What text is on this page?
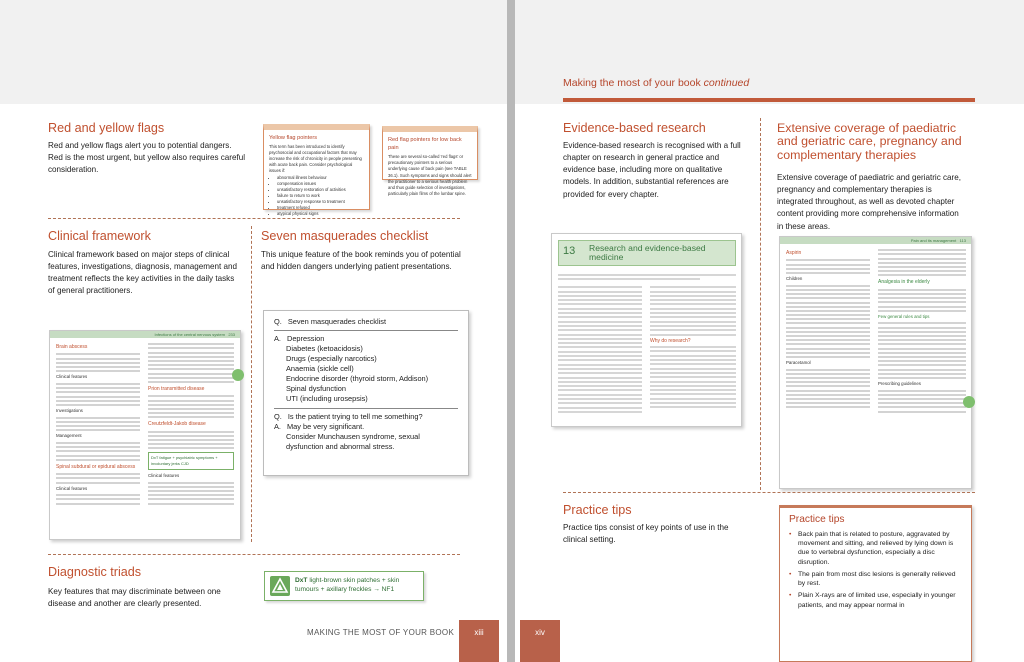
Red and yellow flags
Red and yellow flags alert you to potential dangers. Red is the most urgent, but yellow also requires careful consideration.
Yellow flag pointers
This term has been introduced to identify psychosocial and occupational factors that may increase the risk of chronicity in people presenting with acute back pain. Consider psychological issues if:
• abnormal illness behaviour
• compensation issues
• unsatisfactory restoration of activities
• failure to return to work
• unsatisfactory response to treatment
• treatment refused
• atypical physical signs
Red flag pointers for low back pain
These are several so-called 'red flags' or precautionary pointers to a serious underlying cause of back pain (see TABLE 36.1). Such symptoms and signs should alert the practitioner to a serious health problem and thus guide selection of investigations, particularly plain films of the lumbar spine.
Clinical framework
Clinical framework based on major steps of clinical features, investigations, diagnosis, management and treatment reflects the key activities in the daily tasks of general practitioners.
Infections of the central nervous system 233
Brain abscess
Clinical features
Investigations
Management
Spinal subdural or epidural abscess
Clinical features
Prion transmitted disease
Creutzfeldt-Jakob disease
DxT fatigue + psychiatric symptoms + involuntary jerks CJD
Clinical features
Seven masquerades checklist
This unique feature of the book reminds you of potential and hidden dangers underlying patient presentations.
Q. Seven masquerades checklist
A. Depression
Diabetes (ketoacidosis)
Drugs (especially narcotics)
Anaemia (sickle cell)
Endocrine disorder (thyroid storm, Addison)
Spinal dysfunction
UTI (including urosepsis)
Q. Is the patient trying to tell me something?
A. May be very significant.
Consider Munchausen syndrome, sexual dysfunction and abnormal stress.
Diagnostic triads
Key features that may discriminate between one disease and another are clearly presented.
DxT light-brown skin patches + skin tumours + axillary freckles → NF1
MAKING THE MOST OF YOUR BOOK	xiii
Making the most of your book continued
xiv
Evidence-based research
Evidence-based research is recognised with a full chapter on research in general practice and evidence base, including more on qualitative models. In addition, substantial references are provided for every chapter.
13 Research and evidence-based medicine
Why do research?
Extensive coverage of paediatric and geriatric care, pregnancy and complementary therapies
Extensive coverage of paediatric and geriatric care, pregnancy and complementary therapies is integrated throughout, as well as devoted chapter content providing more comprehensive information in these areas.
Pain and its management 113
Aspirin
Children
Paracetamol
Analgesia in the elderly
Few general rules and tips
Prescribing guidelines
Practice tips
Practice tips consist of key points of use in the clinical setting.
Practice tips
• Back pain that is related to posture, aggravated by movement and sitting, and relieved by lying down is due to vertebral dysfunction, especially a disc disruption.
• The pain from most disc lesions is generally relieved by rest.
• Plain X-rays are of limited use, especially in younger patients, and may appear normal in
